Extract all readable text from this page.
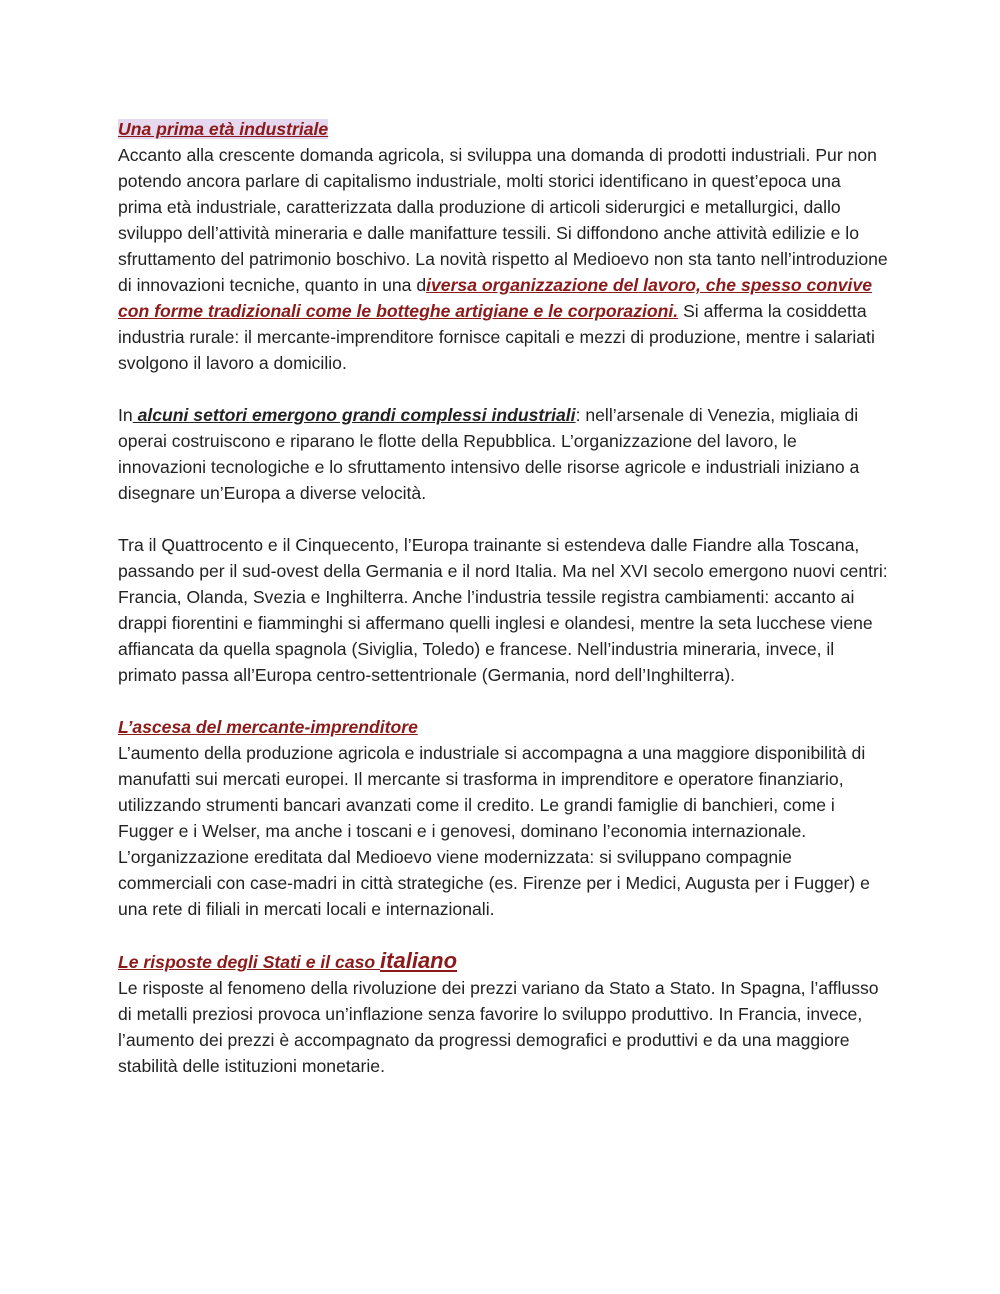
Una prima età industriale

Accanto alla crescente domanda agricola, si sviluppa una domanda di prodotti industriali. Pur non potendo ancora parlare di capitalismo industriale, molti storici identificano in quest’epoca una prima età industriale, caratterizzata dalla produzione di articoli siderurgici e metallurgici, dallo sviluppo dell’attività mineraria e dalle manifatture tessili. Si diffondono anche attività edilizie e lo sfruttamento del patrimonio boschivo. La novità rispetto al Medioevo non sta tanto nell’introduzione di innovazioni tecniche, quanto in una diversa organizzazione del lavoro, che spesso convive con forme tradizionali come le botteghe artigiane e le corporazioni. Si afferma la cosiddetta industria rurale: il mercante-imprenditore fornisce capitali e mezzi di produzione, mentre i salariati svolgono il lavoro a domicilio.

In alcuni settori emergono grandi complessi industriali: nell’arsenale di Venezia, migliaia di operai costruiscono e riparano le flotte della Repubblica. L’organizzazione del lavoro, le innovazioni tecnologiche e lo sfruttamento intensivo delle risorse agricole e industriali iniziano a disegnare un’Europa a diverse velocità.

Tra il Quattrocento e il Cinquecento, l’Europa trainante si estendeva dalle Fiandre alla Toscana, passando per il sud-ovest della Germania e il nord Italia. Ma nel XVI secolo emergono nuovi centri: Francia, Olanda, Svezia e Inghilterra. Anche l’industria tessile registra cambiamenti: accanto ai drappi fiorentini e fiamminghi si affermano quelli inglesi e olandesi, mentre la seta lucchese viene affiancata da quella spagnola (Siviglia, Toledo) e francese. Nell’industria mineraria, invece, il primato passa all’Europa centro-settentrionale (Germania, nord dell’Inghilterra).

L’ascesa del mercante-imprenditore

L’aumento della produzione agricola e industriale si accompagna a una maggiore disponibilità di manufatti sui mercati europei. Il mercante si trasforma in imprenditore e operatore finanziario, utilizzando strumenti bancari avanzati come il credito. Le grandi famiglie di banchieri, come i Fugger e i Welser, ma anche i toscani e i genovesi, dominano l’economia internazionale. L’organizzazione ereditata dal Medioevo viene modernizzata: si sviluppano compagnie commerciali con case-madri in città strategiche (es. Firenze per i Medici, Augusta per i Fugger) e una rete di filiali in mercati locali e internazionali.

Le risposte degli Stati e il caso italiano

Le risposte al fenomeno della rivoluzione dei prezzi variano da Stato a Stato. In Spagna, l’afflusso di metalli preziosi provoca un’inflazione senza favorire lo sviluppo produttivo. In Francia, invece, l’aumento dei prezzi è accompagnato da progressi demografici e produttivi e da una maggiore stabilità delle istituzioni monetarie.
